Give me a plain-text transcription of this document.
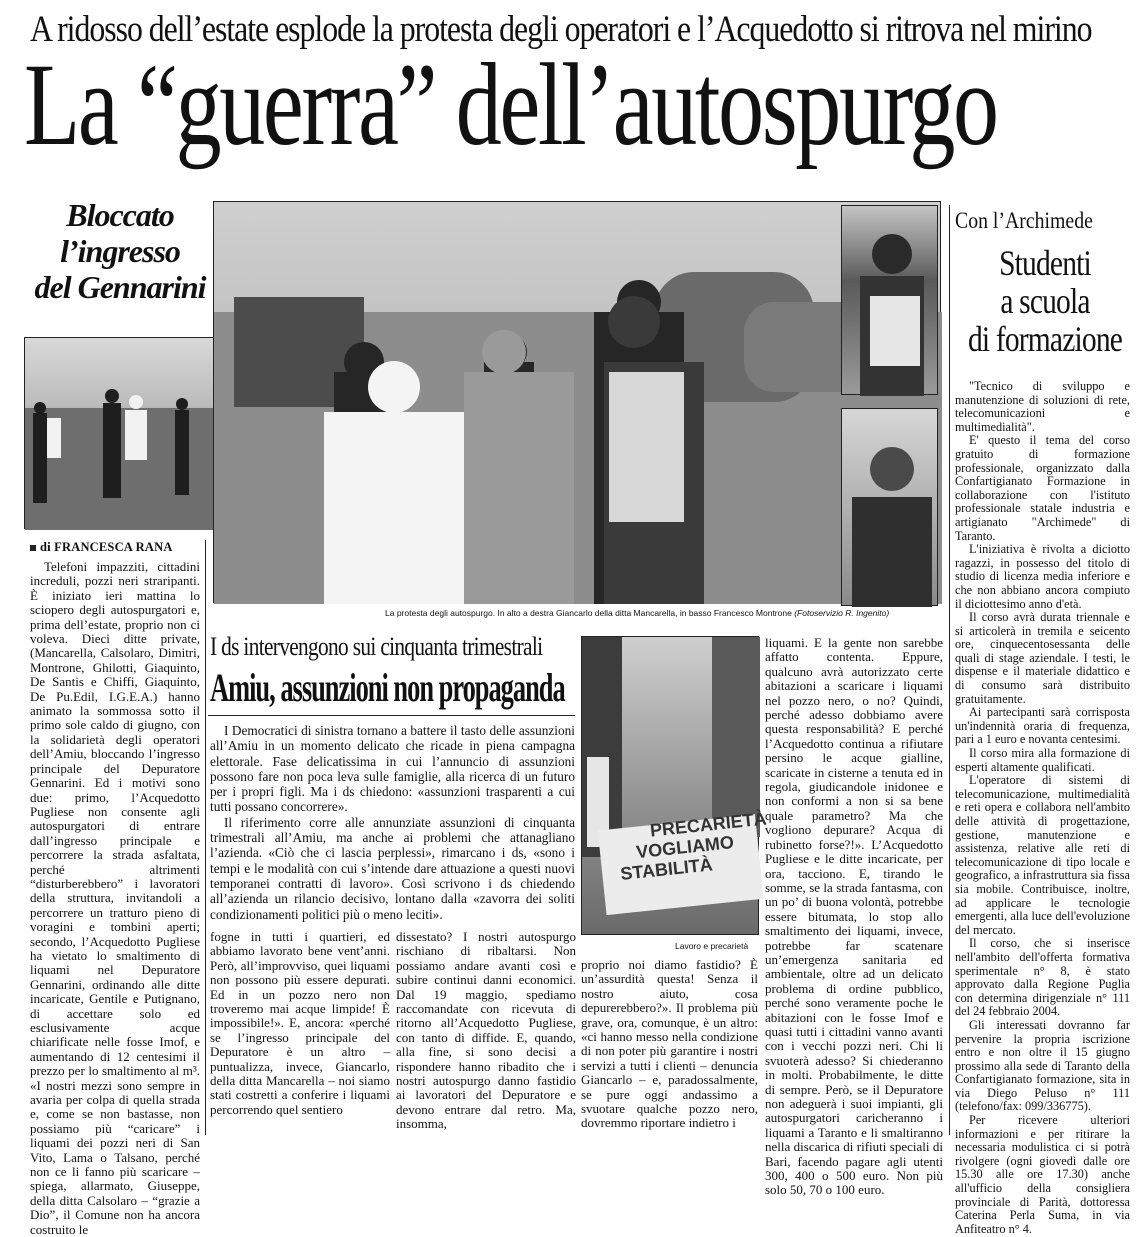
A ridosso dell’estate esplode la protesta degli operatori e l’Acquedotto si ritrova nel mirino
La “guerra” dell’autospurgo
Bloccato
l’ingresso
del Gennarini
di FRANCESCA RANA
La protesta degli autospurgo. In alto a destra Giancarlo della ditta Mancarella, in basso Francesco Montrone (Fotoservizio R. Ingenito)

Telefoni impazziti, cittadini increduli, pozzi neri straripanti. È iniziato ieri mattina lo sciopero degli autospurgatori e, prima dell’estate, proprio non ci voleva. Dieci ditte private, (Mancarella, Calsolaro, Dimitri, Montrone, Ghilotti, Giaquinto, De Santis e Chiffi, Giaquinto, De Pu.Edil, I.G.E.A.) hanno animato la sommossa sotto il primo sole caldo di giugno, con la solidarietà degli operatori dell’Amiu, bloccando l’ingresso principale del Depuratore Gennarini. Ed i motivi sono due: primo, l’Acquedotto Pugliese non consente agli autospurgatori di entrare dall’ingresso principale e percorrere la strada asfaltata, perché altrimenti “disturberebbero” i lavoratori della struttura, invitandoli a percorrere un tratturo pieno di voragini e tombini aperti; secondo, l’Acquedotto Pugliese ha vietato lo smaltimento di liquami nel Depuratore Gennarini, ordinando alle ditte incaricate, Gentile e Putignano, di accettare solo ed esclusivamente acque chiarificate nelle fosse Imof, e aumentando di 12 centesimi il prezzo per lo smaltimento al m³. «I nostri mezzi sono sempre in avaria per colpa di quella strada e, come se non bastasse, non possiamo più “caricare” i liquami dei pozzi neri di San Vito, Lama o Talsano, perché non ce li fanno più scaricare – spiega, allarmato, Giuseppe, della ditta Calsolaro – “grazie a Dio”, il Comune non ha ancora costruito le

I ds intervengono sui cinquanta trimestrali
Amiu, assunzioni non propaganda

I Democratici di sinistra tornano a battere il tasto delle assunzioni all’Amiu in un momento delicato che ricade in piena campagna elettorale. Fase delicatissima in cui l’annuncio di assunzioni possono fare non poca leva sulle famiglie, alla ricerca di un futuro per i propri figli. Ma i ds chiedono: «assunzioni trasparenti a cui tutti possano concorrere».

Il riferimento corre alle annunziate assunzioni di cinquanta trimestrali all’Amiu, ma anche ai problemi che attanagliano l’azienda. «Ciò che ci lascia perplessi», rimarcano i ds, «sono i tempi e le modalità con cui s’intende dare attuazione a questi nuovi temporanei contratti di lavoro». Così scrivono i ds chiedendo all’azienda un rilancio decisivo, lontano dalla «zavorra dei soliti condizionamenti politici più o meno leciti».

PRECARIETÀ
VOGLIAMO
STABILITÀ
Lavoro e precarietà

fogne in tutti i quartieri, ed abbiamo lavorato bene vent’anni. Però, all’improvviso, quei liquami non possono più essere depurati. Ed in un pozzo nero non troveremo mai acque limpide! È impossibile!». E, ancora: «perché se l’ingresso principale del Depuratore è un altro – puntualizza, invece, Giancarlo, della ditta Mancarella – noi siamo stati costretti a conferire i liquami percorrendo quel sentiero

dissestato? I nostri autospurgo rischiano di ribaltarsi. Non possiamo andare avanti così e subire continui danni economici. Dal 19 maggio, spediamo raccomandate con ricevuta di ritorno all’Acquedotto Pugliese, con tanto di diffide. E, quando, alla fine, si sono decisi a rispondere hanno ribadito che i nostri autospurgo danno fastidio ai lavoratori del Depuratore e devono entrare dal retro. Ma, insomma,

proprio noi diamo fastidio? È un’assurdità questa! Senza il nostro aiuto, cosa depurerebbero?». Il problema più grave, ora, comunque, è un altro: «ci hanno messo nella condizione di non poter più garantire i nostri servizi a tutti i clienti – denuncia Giancarlo – e, paradossalmente, se pure oggi andassimo a svuotare qualche pozzo nero, dovremmo riportare indietro i

liquami. E la gente non sarebbe affatto contenta. Eppure, qualcuno avrà autorizzato certe abitazioni a scaricare i liquami nel pozzo nero, o no? Quindi, perché adesso dobbiamo avere questa responsabilità? E perché l’Acquedotto continua a rifiutare persino le acque gialline, scaricate in cisterne a tenuta ed in regola, giudicandole inidonee e non conformi a non si sa bene quale parametro? Ma che vogliono depurare? Acqua di rubinetto forse?!». L’Acquedotto Pugliese e le ditte incaricate, per ora, tacciono. E, tirando le somme, se la strada fantasma, con un po’ di buona volontà, potrebbe essere bitumata, lo stop allo smaltimento dei liquami, invece, potrebbe far scatenare un’emergenza sanitaria ed ambientale, oltre ad un delicato problema di ordine pubblico, perché sono veramente poche le abitazioni con le fosse Imof e quasi tutti i cittadini vanno avanti con i vecchi pozzi neri. Chi li svuoterà adesso? Si chiederanno in molti. Probabilmente, le ditte di sempre. Però, se il Depuratore non adeguerà i suoi impianti, gli autospurgatori caricheranno i liquami a Taranto e li smaltiranno nella discarica di rifiuti speciali di Bari, facendo pagare agli utenti 300, 400 o 500 euro. Non più solo 50, 70 o 100 euro.

Con l’Archimede
Studenti
a scuola
di formazione

"Tecnico di sviluppo e manutenzione di soluzioni di rete, telecomunicazioni e multimedialità".

E' questo il tema del corso gratuito di formazione professionale, organizzato dalla Confartigianato Formazione in collaborazione con l'istituto professionale statale industria e artigianato "Archimede" di Taranto.

L'iniziativa è rivolta a diciotto ragazzi, in possesso del titolo di studio di licenza media inferiore e che non abbiano ancora compiuto il diciottesimo anno d'età.

Il corso avrà durata triennale e si articolerà in tremila e seicento ore, cinquecentosessanta delle quali di stage aziendale. I testi, le dispense e il materiale didattico e di consumo sarà distribuito gratuitamente.

Ai partecipanti sarà corrisposta un'indennità oraria di frequenza, pari a 1 euro e novanta centesimi.

Il corso mira alla formazione di esperti altamente qualificati.

L'operatore di sistemi di telecomunicazione, multimedialità e reti opera e collabora nell'ambito delle attività di progettazione, gestione, manutenzione e assistenza, relative alle reti di telecomunicazione di tipo locale e geografico, a infrastruttura sia fissa sia mobile. Contribuisce, inoltre, ad applicare le tecnologie emergenti, alla luce dell'evoluzione del mercato.

Il corso, che si inserisce nell'ambito dell'offerta formativa sperimentale n° 8, è stato approvato dalla Regione Puglia con determina dirigenziale n° 111 del 24 febbraio 2004.

Gli interessati dovranno far pervenire la propria iscrizione entro e non oltre il 15 giugno prossimo alla sede di Taranto della Confartigianato formazione, sita in via Diego Peluso n° 111 (telefono/fax: 099/336775).

Per ricevere ulteriori informazioni e per ritirare la necessaria modulistica ci si potrà rivolgere (ogni giovedì dalle ore 15.30 alle ore 17.30) anche all'ufficio della consigliera provinciale di Parità, dottoressa Caterina Perla Suma, in via Anfiteatro n° 4.
